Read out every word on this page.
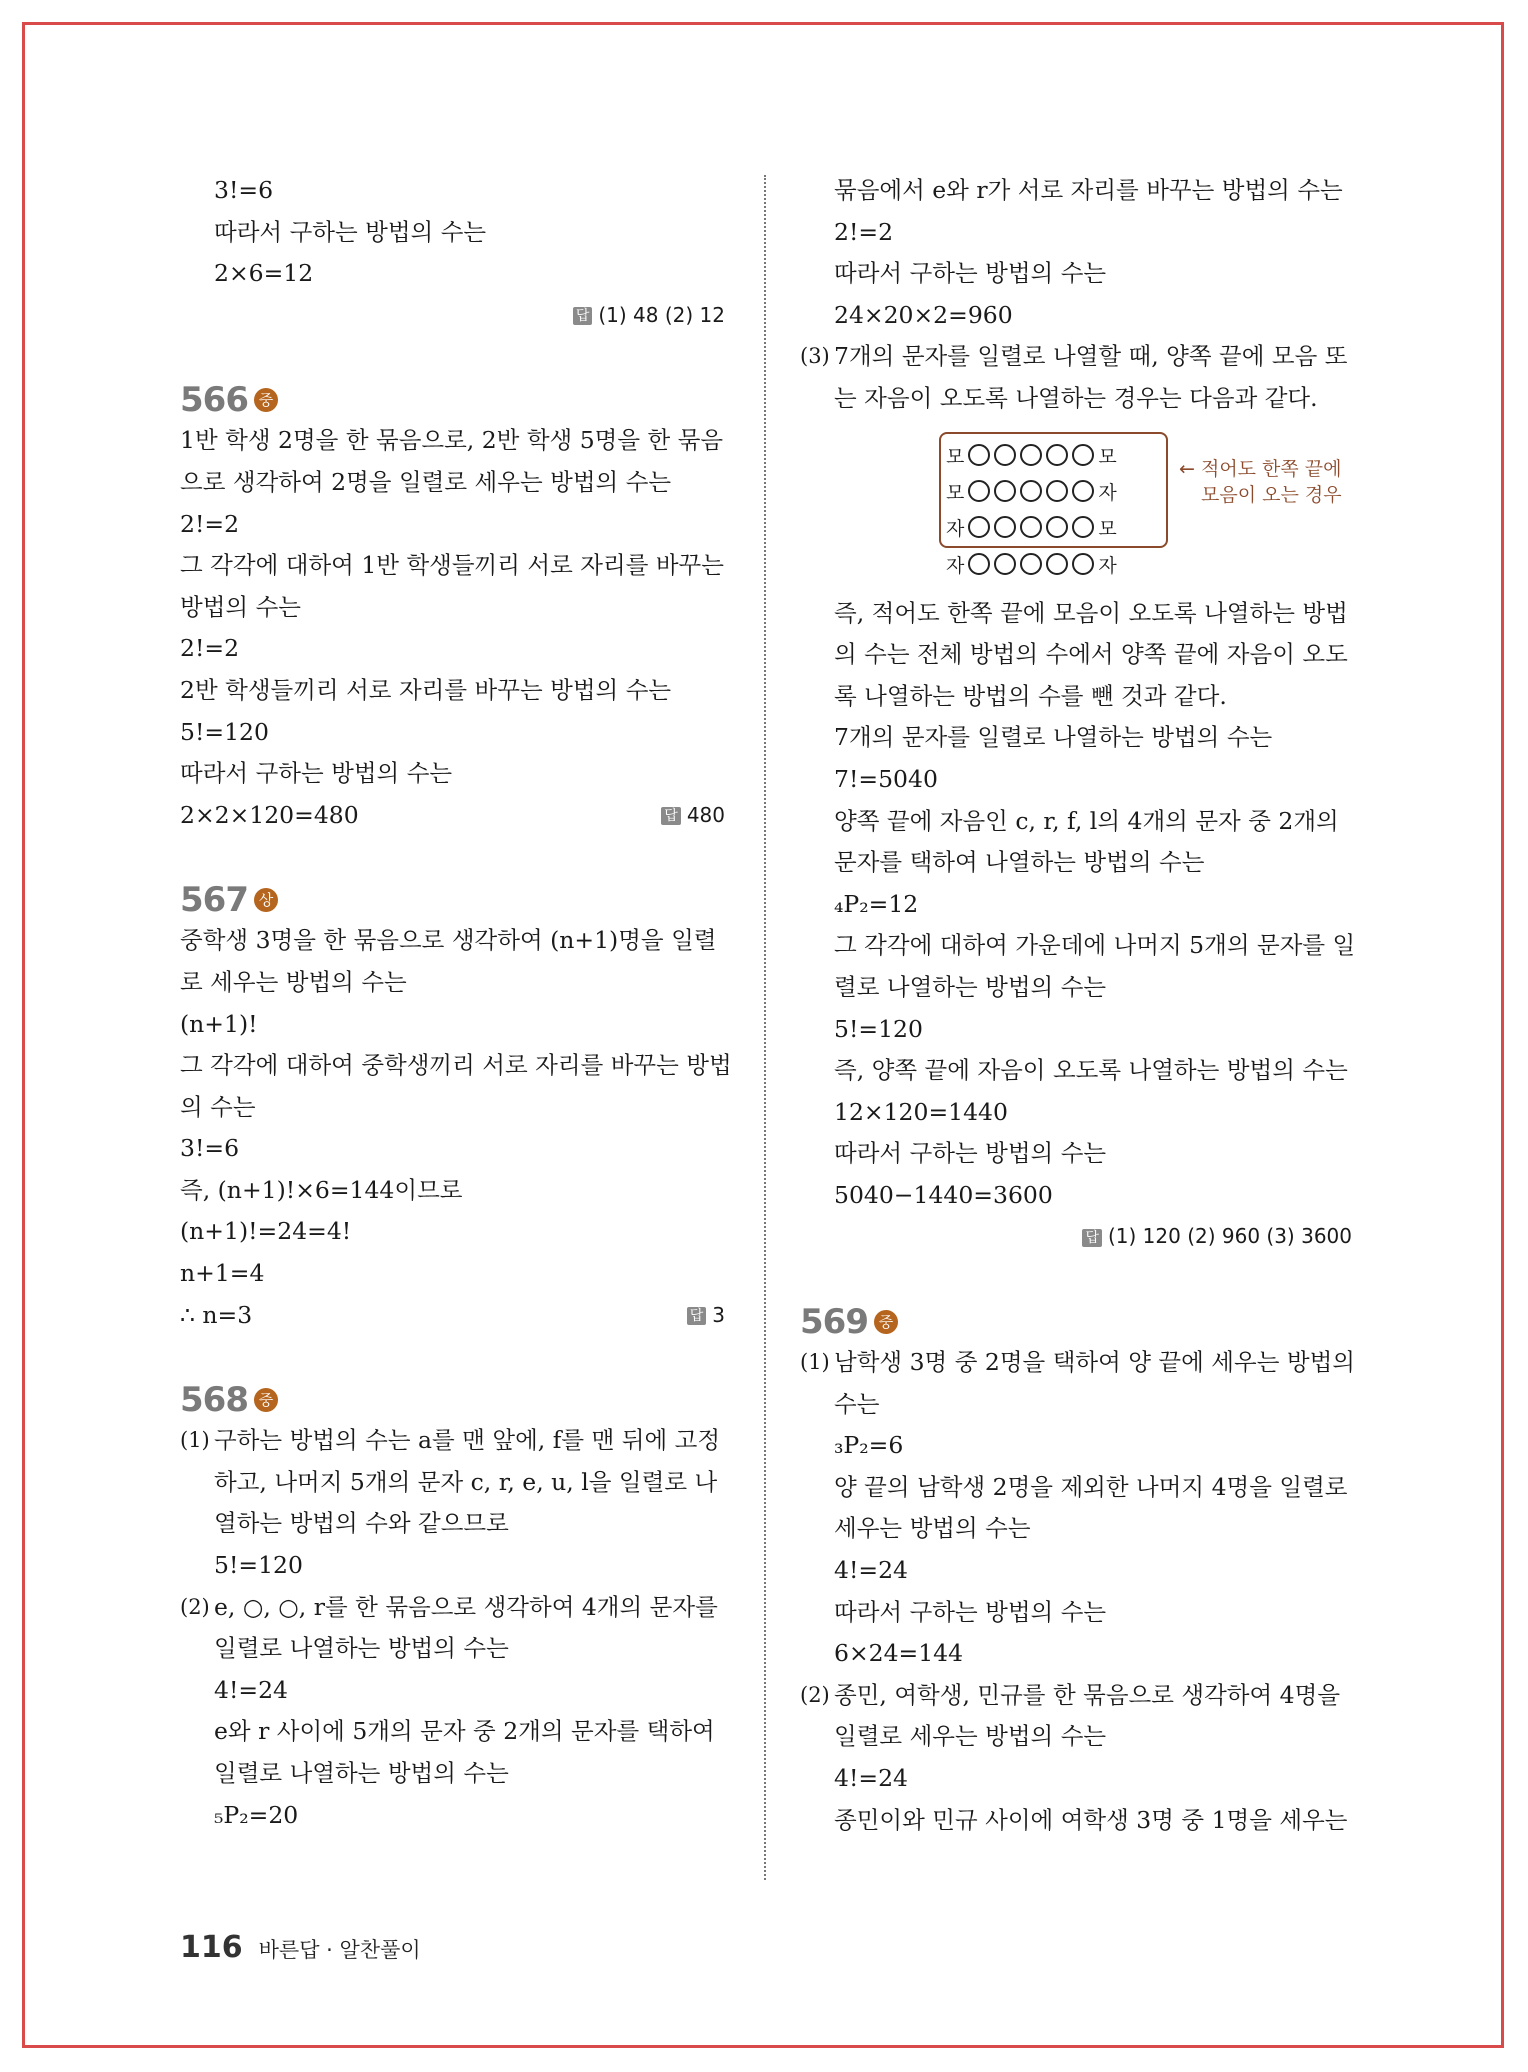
3!=6
따라서 구하는 방법의 수는
2×6=12
답 (1) 48 (2) 12
566 중
1반 학생 2명을 한 묶음으로, 2반 학생 5명을 한 묶음
으로 생각하여 2명을 일렬로 세우는 방법의 수는
2!=2
그 각각에 대하여 1반 학생들끼리 서로 자리를 바꾸는
방법의 수는
2!=2
2반 학생들끼리 서로 자리를 바꾸는 방법의 수는
5!=120
따라서 구하는 방법의 수는
2×2×120=480	답 480
567 상
중학생 3명을 한 묶음으로 생각하여 (n+1)명을 일렬
로 세우는 방법의 수는
(n+1)!
그 각각에 대하여 중학생끼리 서로 자리를 바꾸는 방법
의 수는
3!=6
즉, (n+1)!×6=144이므로
(n+1)!=24=4!
n+1=4
∴ n=3	답 3
568 중
(1) 구하는 방법의 수는 a를 맨 앞에, f를 맨 뒤에 고정
하고, 나머지 5개의 문자 c, r, e, u, l을 일렬로 나
열하는 방법의 수와 같으므로
5!=120
(2) e, ○, ○, r를 한 묶음으로 생각하여 4개의 문자를
일렬로 나열하는 방법의 수는
4!=24
e와 r 사이에 5개의 문자 중 2개의 문자를 택하여
일렬로 나열하는 방법의 수는
₅P₂=20
묶음에서 e와 r가 서로 자리를 바꾸는 방법의 수는
2!=2
따라서 구하는 방법의 수는
24×20×2=960
(3) 7개의 문자를 일렬로 나열할 때, 양쪽 끝에 모음 또
는 자음이 오도록 나열하는 경우는 다음과 같다.
모	모
모	자
자	모
자	자
← 적어도 한쪽 끝에
모음이 오는 경우
즉, 적어도 한쪽 끝에 모음이 오도록 나열하는 방법
의 수는 전체 방법의 수에서 양쪽 끝에 자음이 오도
록 나열하는 방법의 수를 뺀 것과 같다.
7개의 문자를 일렬로 나열하는 방법의 수는
7!=5040
양쪽 끝에 자음인 c, r, f, l의 4개의 문자 중 2개의
문자를 택하여 나열하는 방법의 수는
₄P₂=12
그 각각에 대하여 가운데에 나머지 5개의 문자를 일
렬로 나열하는 방법의 수는
5!=120
즉, 양쪽 끝에 자음이 오도록 나열하는 방법의 수는
12×120=1440
따라서 구하는 방법의 수는
5040−1440=3600
답 (1) 120 (2) 960 (3) 3600
569 중
(1) 남학생 3명 중 2명을 택하여 양 끝에 세우는 방법의
수는
₃P₂=6
양 끝의 남학생 2명을 제외한 나머지 4명을 일렬로
세우는 방법의 수는
4!=24
따라서 구하는 방법의 수는
6×24=144
(2) 종민, 여학생, 민규를 한 묶음으로 생각하여 4명을
일렬로 세우는 방법의 수는
4!=24
종민이와 민규 사이에 여학생 3명 중 1명을 세우는
116 바른답 · 알찬풀이
